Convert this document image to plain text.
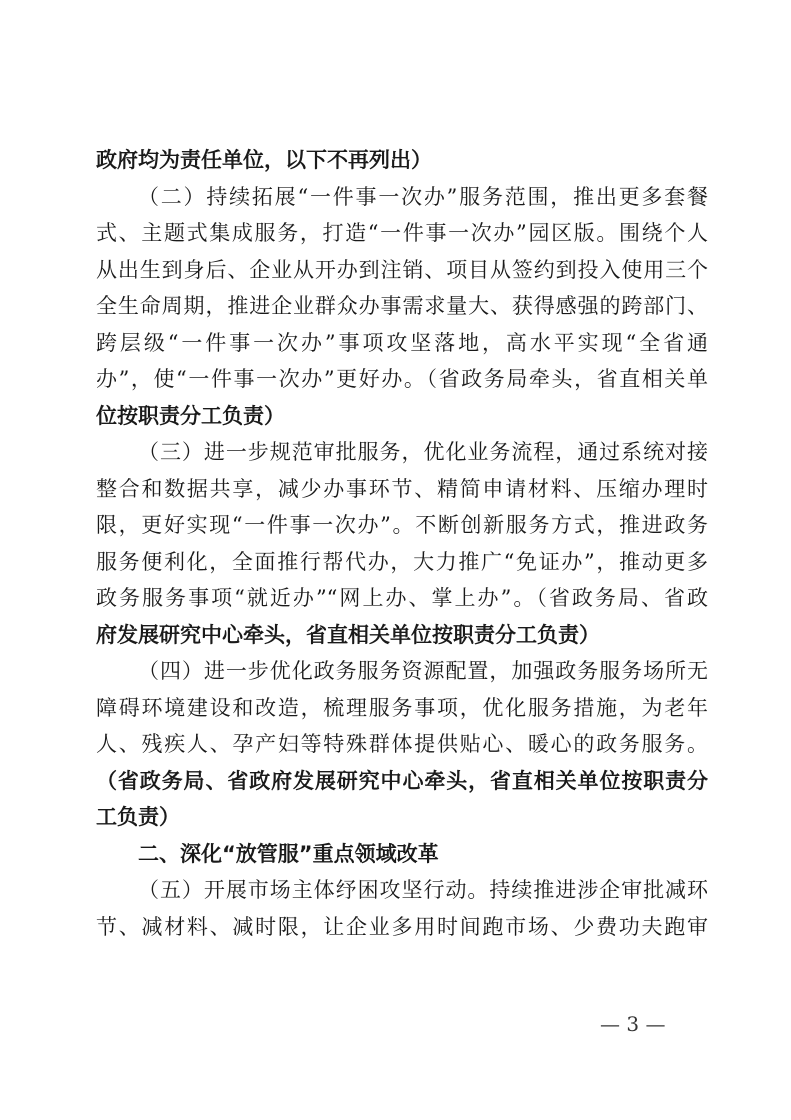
政府均为责任单位，以下不再列出）
（二）持续拓展“一件事一次办”服务范围，推出更多套餐
式、主题式集成服务，打造“一件事一次办”园区版。围绕个人
从出生到身后、企业从开办到注销、项目从签约到投入使用三个
全生命周期，推进企业群众办事需求量大、获得感强的跨部门、
跨层级“一件事一次办”事项攻坚落地，高水平实现“全省通
办”，使“一件事一次办”更好办。（省政务局牵头，省直相关单
位按职责分工负责）
（三）进一步规范审批服务，优化业务流程，通过系统对接
整合和数据共享，减少办事环节、精简申请材料、压缩办理时
限，更好实现“一件事一次办”。不断创新服务方式，推进政务
服务便利化，全面推行帮代办，大力推广“免证办”，推动更多
政务服务事项“就近办”“网上办、掌上办”。（省政务局、省政
府发展研究中心牵头，省直相关单位按职责分工负责）
（四）进一步优化政务服务资源配置，加强政务服务场所无
障碍环境建设和改造，梳理服务事项，优化服务措施，为老年
人、残疾人、孕产妇等特殊群体提供贴心、暖心的政务服务。
（省政务局、省政府发展研究中心牵头，省直相关单位按职责分
工负责）
二、深化“放管服”重点领域改革
（五）开展市场主体纾困攻坚行动。持续推进涉企审批减环
节、减材料、减时限，让企业多用时间跑市场、少费功夫跑审
— 3 —
